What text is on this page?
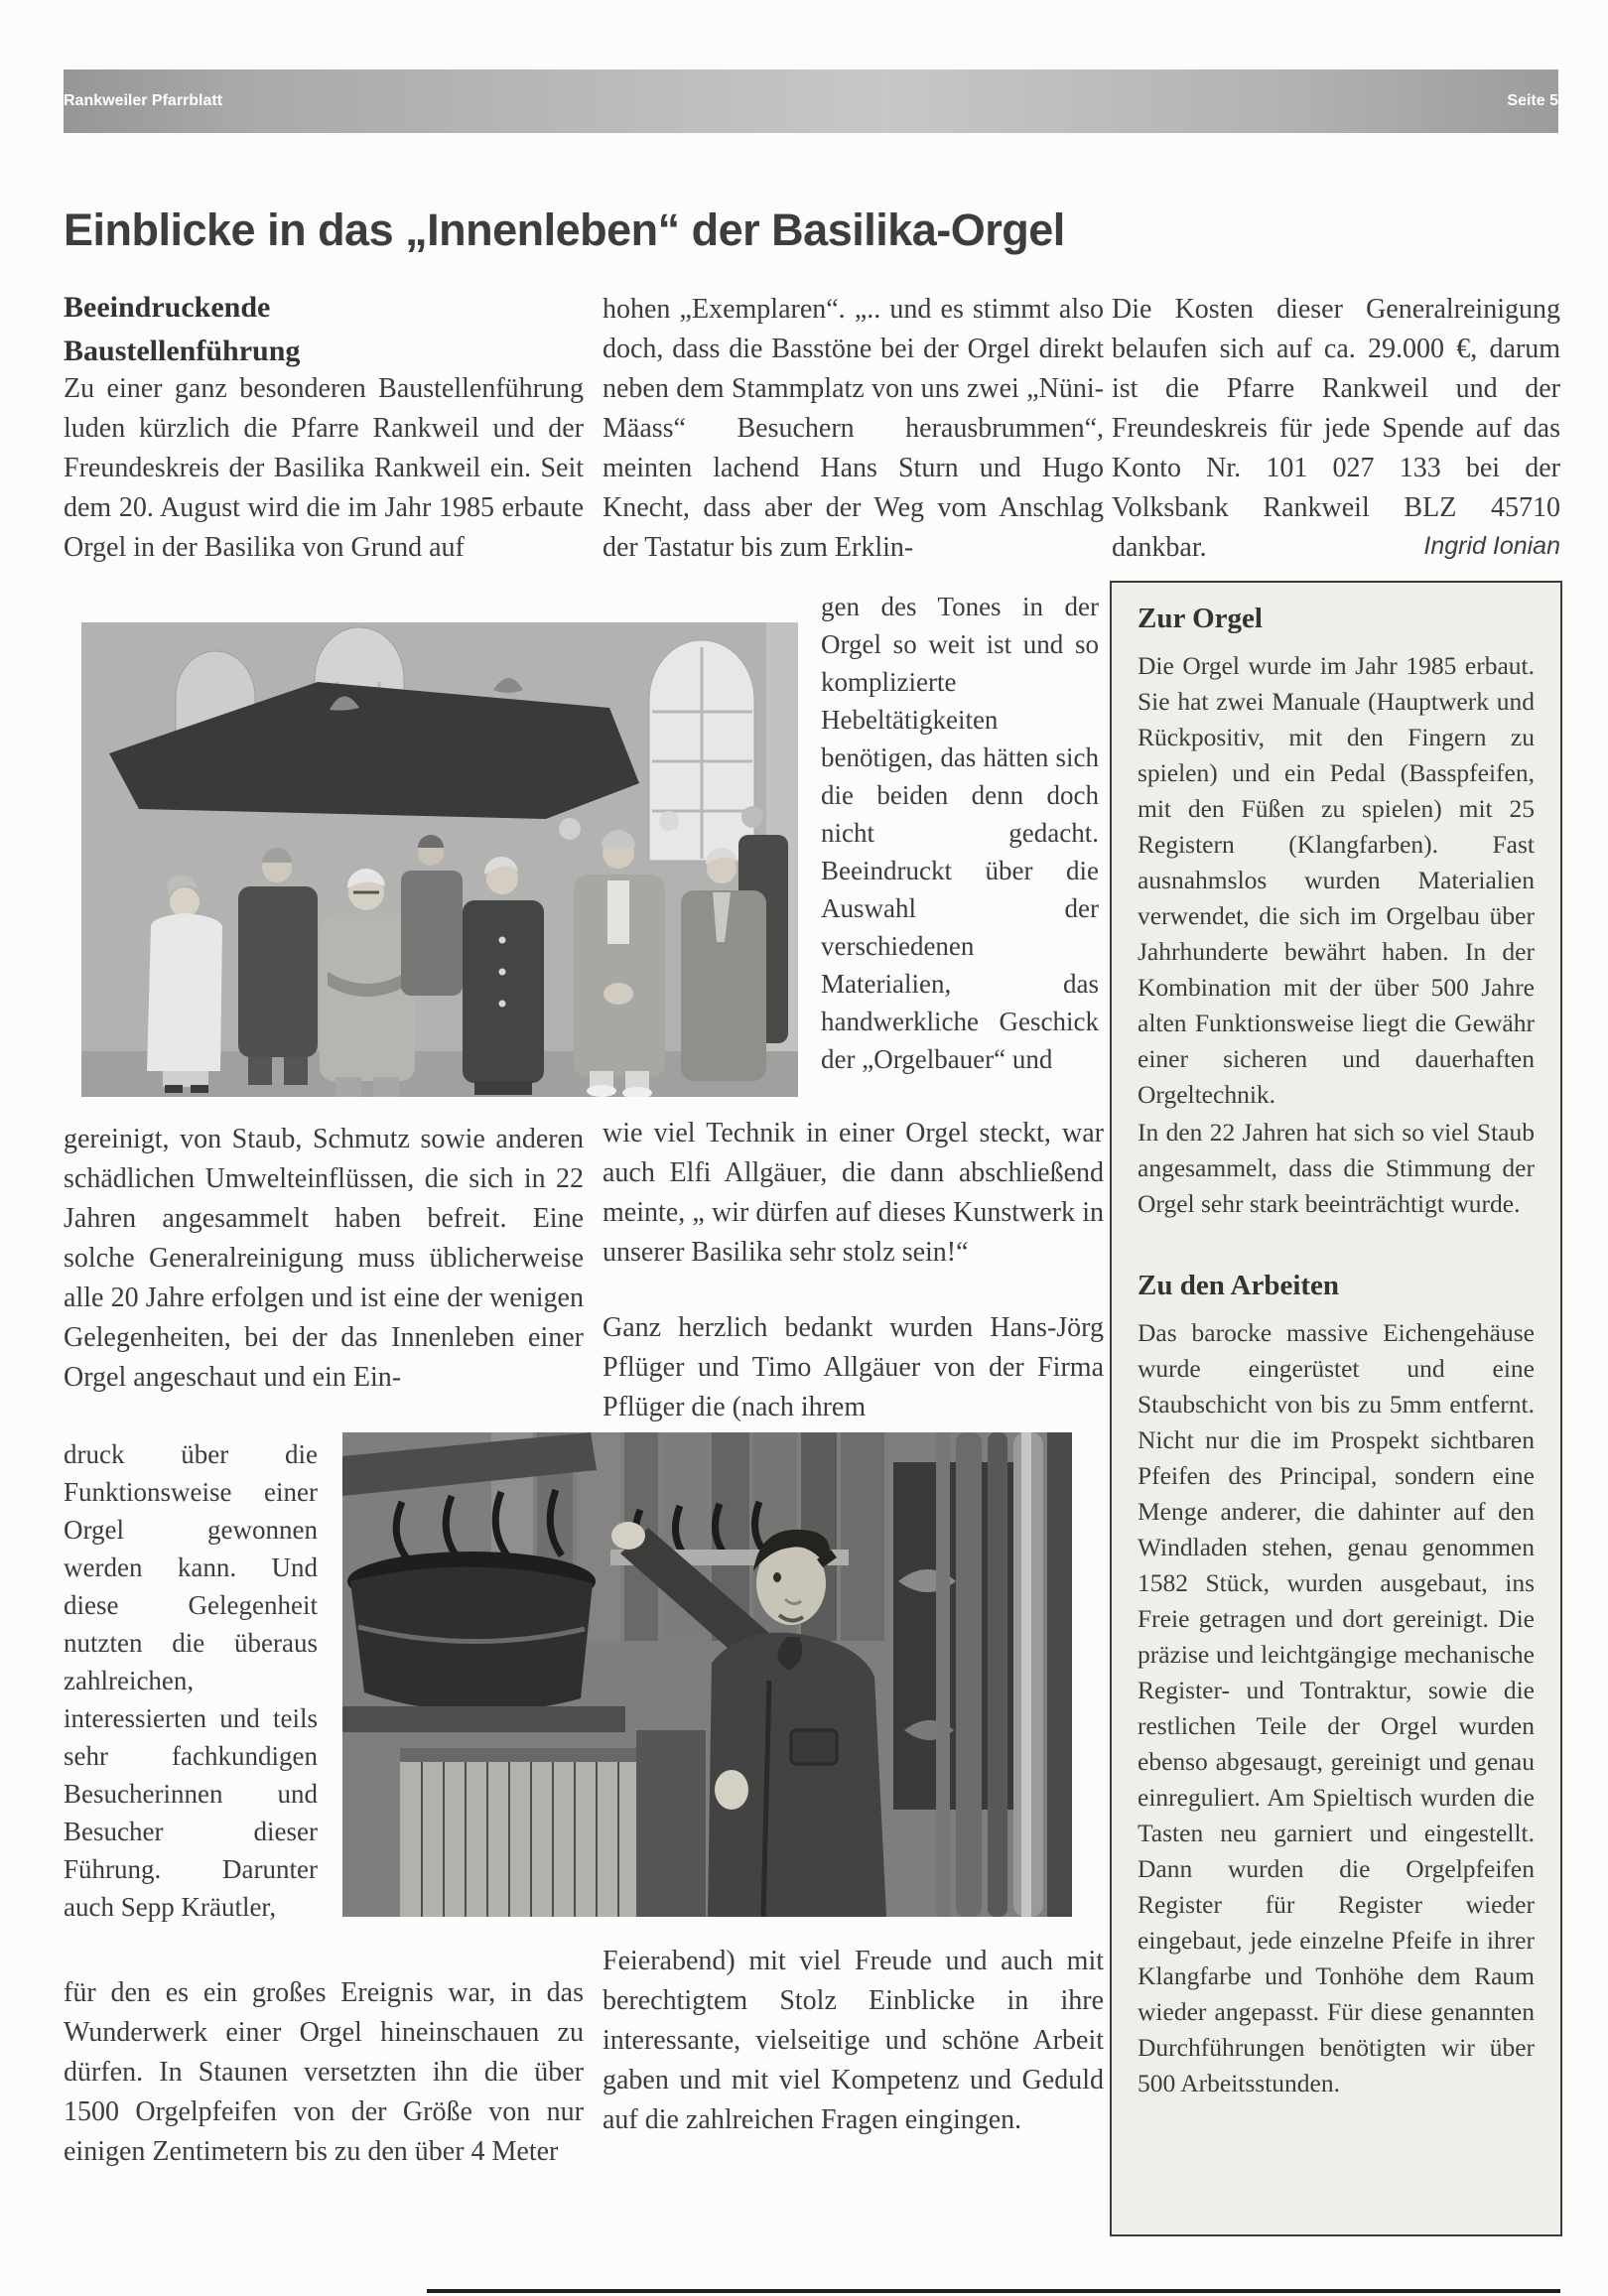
Rankweiler Pfarrblatt	Seite 5
Einblicke in das „Innenleben“ der Basilika-Orgel
Beeindruckende Baustellenführung
Zu einer ganz besonderen Baustellenführung luden kürzlich die Pfarre Rankweil und der Freundeskreis der Basilika Rankweil ein. Seit dem 20. August wird die im Jahr 1985 erbaute Orgel in der Basilika von Grund auf
gereinigt, von Staub, Schmutz sowie anderen schädlichen Umwelteinflüssen, die sich in 22 Jahren angesammelt haben befreit. Eine solche Generalreinigung muss üblicherweise alle 20 Jahre erfolgen und ist eine der wenigen Gelegenheiten, bei der das Innenleben einer Orgel angeschaut und ein Ein-
druck über die Funktionsweise einer Orgel gewonnen werden kann. Und diese Gelegenheit nutzten die überaus zahlreichen, interessierten und teils sehr fachkundigen Besucherinnen und Besucher dieser Führung. Darunter auch Sepp Kräutler,
für den es ein großes Ereignis war, in das Wunderwerk einer Orgel hineinschauen zu dürfen. In Staunen versetzten ihn die über 1500 Orgelpfeifen von der Größe von nur einigen Zentimetern bis zu den über 4 Meter
hohen „Exemplaren“. „.. und es stimmt also doch, dass die Basstöne bei der Orgel direkt neben dem Stammplatz von uns zwei „Nüni-Mäass“ Besuchern herausbrummen“, meinten lachend Hans Sturn und Hugo Knecht, dass aber der Weg vom Anschlag der Tastatur bis zum Erklin-
gen des Tones in der Orgel so weit ist und so komplizierte Hebeltätigkeiten benötigen, das hätten sich die beiden denn doch nicht gedacht. Beeindruckt über die Auswahl der verschiedenen Materialien, das handwerkliche Geschick der „Orgelbauer“ und
wie viel Technik in einer Orgel steckt, war auch Elfi Allgäuer, die dann abschließend meinte, „ wir dürfen auf dieses Kunstwerk in unserer Basilika sehr stolz sein!“
Ganz herzlich bedankt wurden Hans-Jörg Pflüger und Timo Allgäuer von der Firma Pflüger die (nach ihrem
Feierabend) mit viel Freude und auch mit berechtigtem Stolz Einblicke in ihre interessante, vielseitige und schöne Arbeit gaben und mit viel Kompetenz und Geduld auf die zahlreichen Fragen eingingen.
Die Kosten dieser Generalreinigung belaufen sich auf ca. 29.000 €, darum ist die Pfarre Rankweil und der Freundeskreis für jede Spende auf das Konto Nr. 101 027 133 bei der Volksbank Rankweil BLZ 45710 dankbar.	Ingrid Ionian
Zur Orgel
Die Orgel wurde im Jahr 1985 erbaut. Sie hat zwei Manuale (Hauptwerk und Rückpositiv, mit den Fingern zu spielen) und ein Pedal (Basspfeifen, mit den Füßen zu spielen) mit 25 Registern (Klangfarben). Fast ausnahmslos wurden Materialien verwendet, die sich im Orgelbau über Jahrhunderte bewährt haben. In der Kombination mit der über 500 Jahre alten Funktionsweise liegt die Gewähr einer sicheren und dauerhaften Orgeltechnik.
In den 22 Jahren hat sich so viel Staub angesammelt, dass die Stimmung der Orgel sehr stark beeinträchtigt wurde.
Zu den Arbeiten
Das barocke massive Eichengehäuse wurde eingerüstet und eine Staubschicht von bis zu 5mm entfernt. Nicht nur die im Prospekt sichtbaren Pfeifen des Principal, sondern eine Menge anderer, die dahinter auf den Windladen stehen, genau genommen 1582 Stück, wurden ausgebaut, ins Freie getragen und dort gereinigt. Die präzise und leichtgängige mechanische Register- und Tontraktur, sowie die restlichen Teile der Orgel wurden ebenso abgesaugt, gereinigt und genau einreguliert. Am Spieltisch wurden die Tasten neu garniert und eingestellt. Dann wurden die Orgelpfeifen Register für Register wieder eingebaut, jede einzelne Pfeife in ihrer Klangfarbe und Tonhöhe dem Raum wieder angepasst. Für diese genannten Durchführungen benötigten wir über 500 Arbeitsstunden.
